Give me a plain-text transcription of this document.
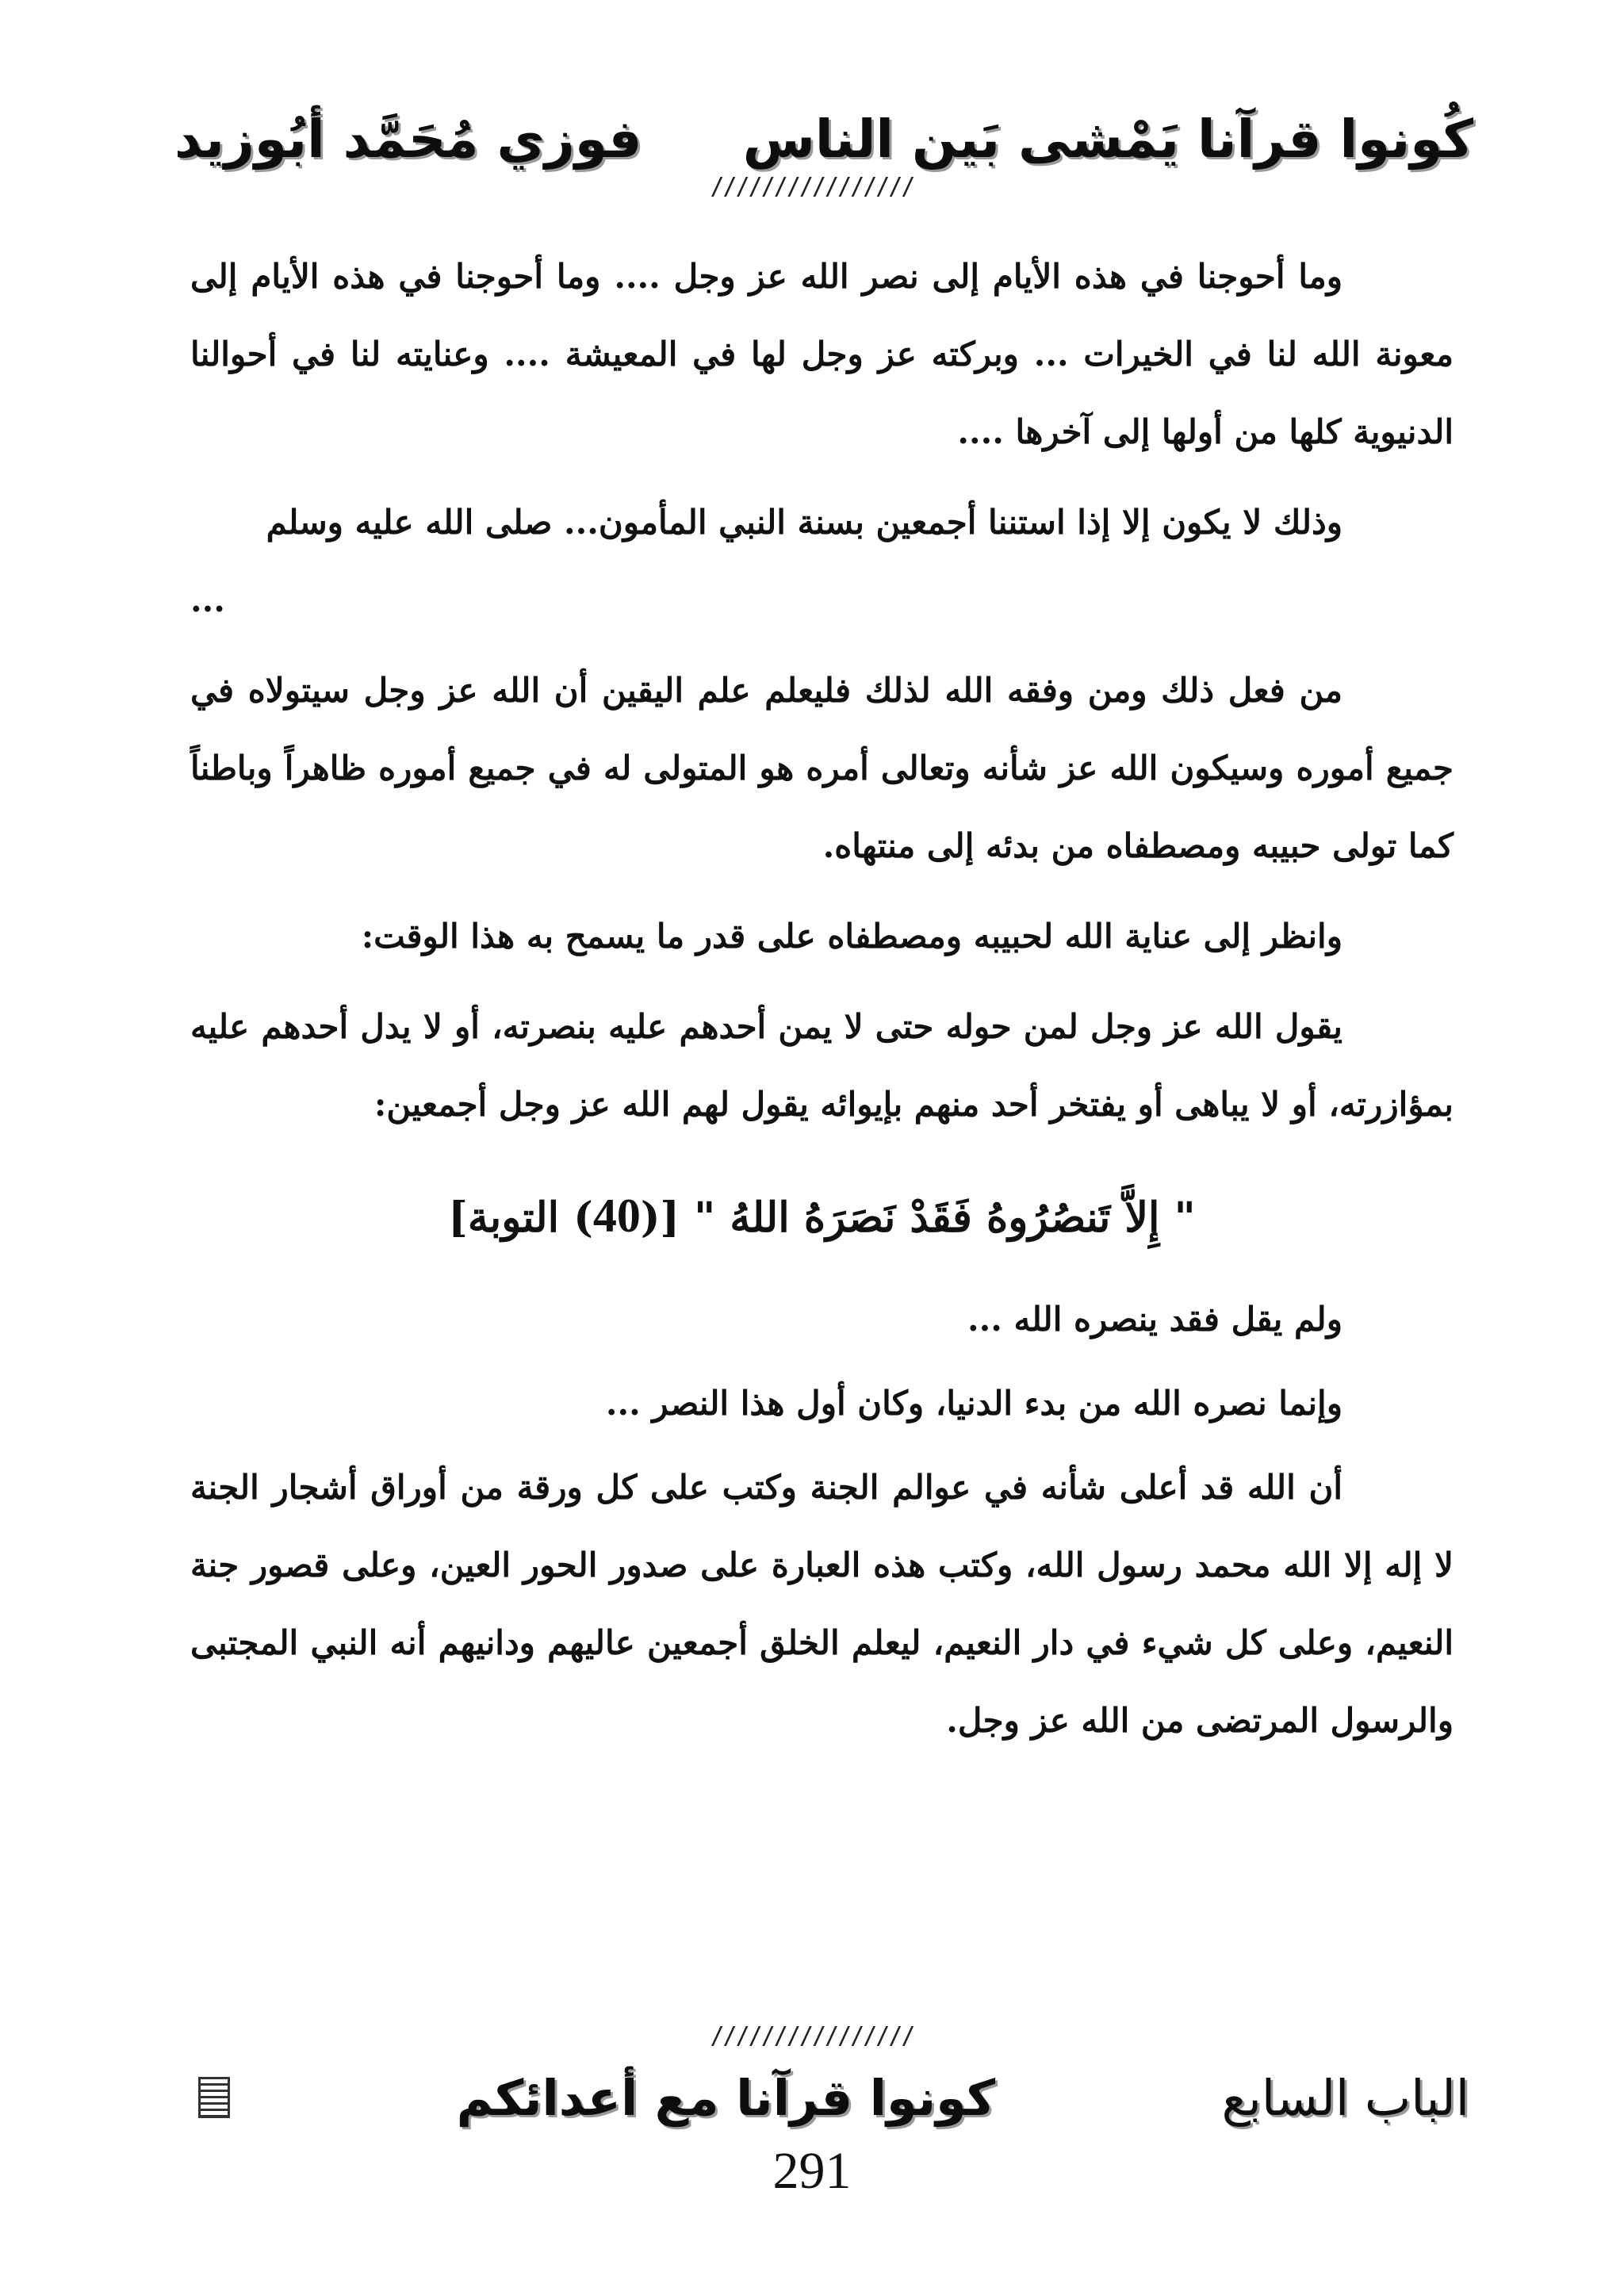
كُونوا قرآنا يَمْشى بَين الناس
فوزي مُحَمَّد أبُوزيد
////////////////

وما أحوجنا في هذه الأيام إلى نصر الله عز وجل .... وما أحوجنا في هذه الأيام إلى معونة الله لنا في الخيرات ... وبركته عز وجل لها في المعيشة .... وعنايته لنا في أحوالنا الدنيوية كلها من أولها إلى آخرها ....

وذلك لا يكون إلا إذا استننا أجمعين بسنة النبي المأمون... صلى الله عليه وسلم

...

من فعل ذلك ومن وفقه الله لذلك فليعلم علم اليقين أن الله عز وجل سيتولاه في جميع أموره وسيكون الله عز شأنه وتعالى أمره هو المتولى له في جميع أموره ظاهراً وباطناً كما تولى حبيبه ومصطفاه من بدئه إلى منتهاه.

وانظر إلى عناية الله لحبيبه ومصطفاه على قدر ما يسمح به هذا الوقت:

يقول الله عز وجل لمن حوله حتى لا يمن أحدهم عليه بنصرته، أو لا يدل أحدهم عليه بمؤازرته، أو لا يباهى أو يفتخر أحد منهم بإيوائه يقول لهم الله عز وجل أجمعين:

" إِلاَّ تَنصُرُوهُ فَقَدْ نَصَرَهُ اللهُ " [(40) التوبة]

ولم يقل فقد ينصره الله ...

وإنما نصره الله من بدء الدنيا، وكان أول هذا النصر ...

أن الله قد أعلى شأنه في عوالم الجنة وكتب على كل ورقة من أوراق أشجار الجنة لا إله إلا الله محمد رسول الله، وكتب هذه العبارة على صدور الحور العين، وعلى قصور جنة النعيم، وعلى كل شيء في دار النعيم، ليعلم الخلق أجمعين عاليهم ودانيهم أنه النبي المجتبى والرسول المرتضى من الله عز وجل.

////////////////
الباب السابع
كونوا قرآنا مع أعدائكم
291
